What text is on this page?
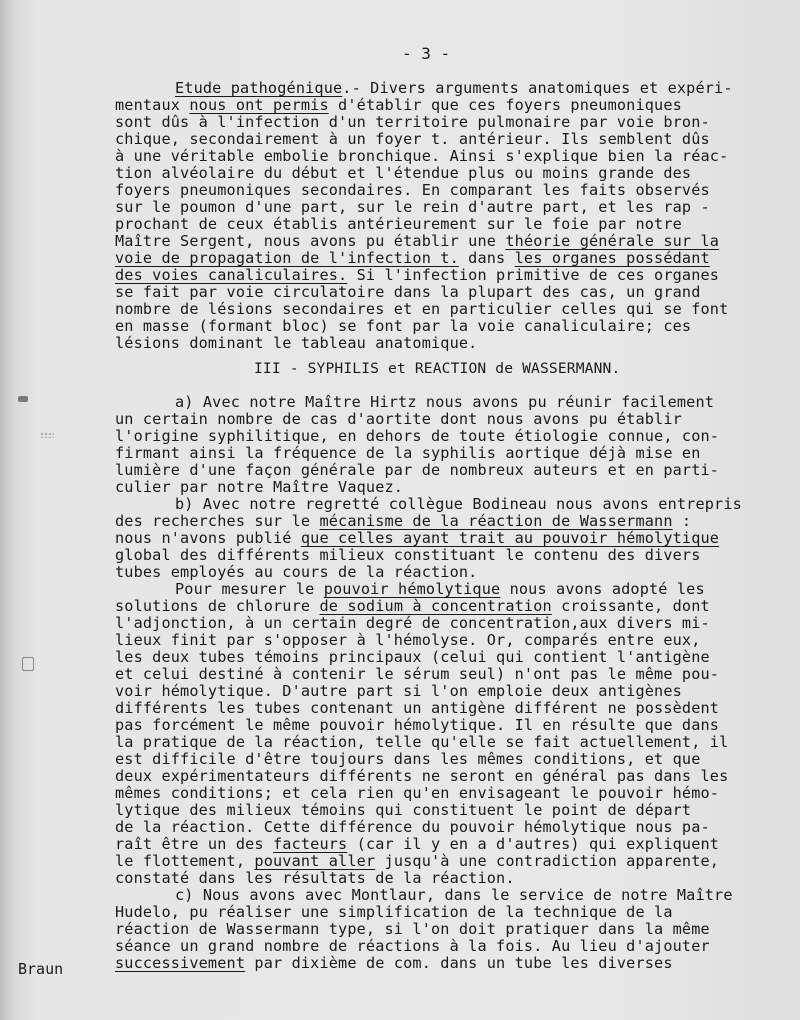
- 3 -
Etude pathogénique.- Divers arguments anatomiques et expéri-
mentaux nous ont permis d'établir que ces foyers pneumoniques
sont dûs à l'infection d'un territoire pulmonaire par voie bron-
chique, secondairement à un foyer t. antérieur. Ils semblent dûs
à une véritable embolie bronchique. Ainsi s'explique bien la réac-
tion alvéolaire du début et l'étendue plus ou moins grande des
foyers pneumoniques secondaires. En comparant les faits observés
sur le poumon d'une part, sur le rein d'autre part, et les rap -
prochant de ceux établis antérieurement sur le foie par notre
Maître Sergent, nous avons pu établir une théorie générale sur la
voie de propagation de l'infection t. dans les organes possédant
des voies canaliculaires. Si l'infection primitive de ces organes
se fait par voie circulatoire dans la plupart des cas, un grand
nombre de lésions secondaires et en particulier celles qui se font
en masse (formant bloc) se font par la voie canaliculaire; ces
lésions dominant le tableau anatomique.
III - SYPHILIS et REACTION de WASSERMANN.
a) Avec notre Maître Hirtz nous avons pu réunir facilement
un certain nombre de cas d'aortite dont nous avons pu établir
l'origine syphilitique, en dehors de toute étiologie connue, con-
firmant ainsi la fréquence de la syphilis aortique déjà mise en
lumière d'une façon générale par de nombreux auteurs et en parti-
culier par notre Maître Vaquez.
b) Avec notre regretté collègue Bodineau nous avons entrepris
des recherches sur le mécanisme de la réaction de Wassermann :
nous n'avons publié que celles ayant trait au pouvoir hémolytique
global des différents milieux constituant le contenu des divers
tubes employés au cours de la réaction.
Pour mesurer le pouvoir hémolytique nous avons adopté les
solutions de chlorure de sodium à concentration croissante, dont
l'adjonction, à un certain degré de concentration,aux divers mi-
lieux finit par s'opposer à l'hémolyse. Or, comparés entre eux,
les deux tubes témoins principaux (celui qui contient l'antigène
et celui destiné à contenir le sérum seul) n'ont pas le même pou-
voir hémolytique. D'autre part si l'on emploie deux antigènes
différents les tubes contenant un antigène différent ne possèdent
pas forcément le même pouvoir hémolytique. Il en résulte que dans
la pratique de la réaction, telle qu'elle se fait actuellement, il
est difficile d'être toujours dans les mêmes conditions, et que
deux expérimentateurs différents ne seront en général pas dans les
mêmes conditions; et cela rien qu'en envisageant le pouvoir hémo-
lytique des milieux témoins qui constituent le point de départ
de la réaction. Cette différence du pouvoir hémolytique nous pa-
raît être un des facteurs (car il y en a d'autres) qui expliquent
le flottement, pouvant aller jusqu'à une contradiction apparente,
constaté dans les résultats de la réaction.
c) Nous avons avec Montlaur, dans le service de notre Maître
Hudelo, pu réaliser une simplification de la technique de la
réaction de Wassermann type, si l'on doit pratiquer dans la même
séance un grand nombre de réactions à la fois. Au lieu d'ajouter
successivement par dixième de com. dans un tube les diverses
Braun
